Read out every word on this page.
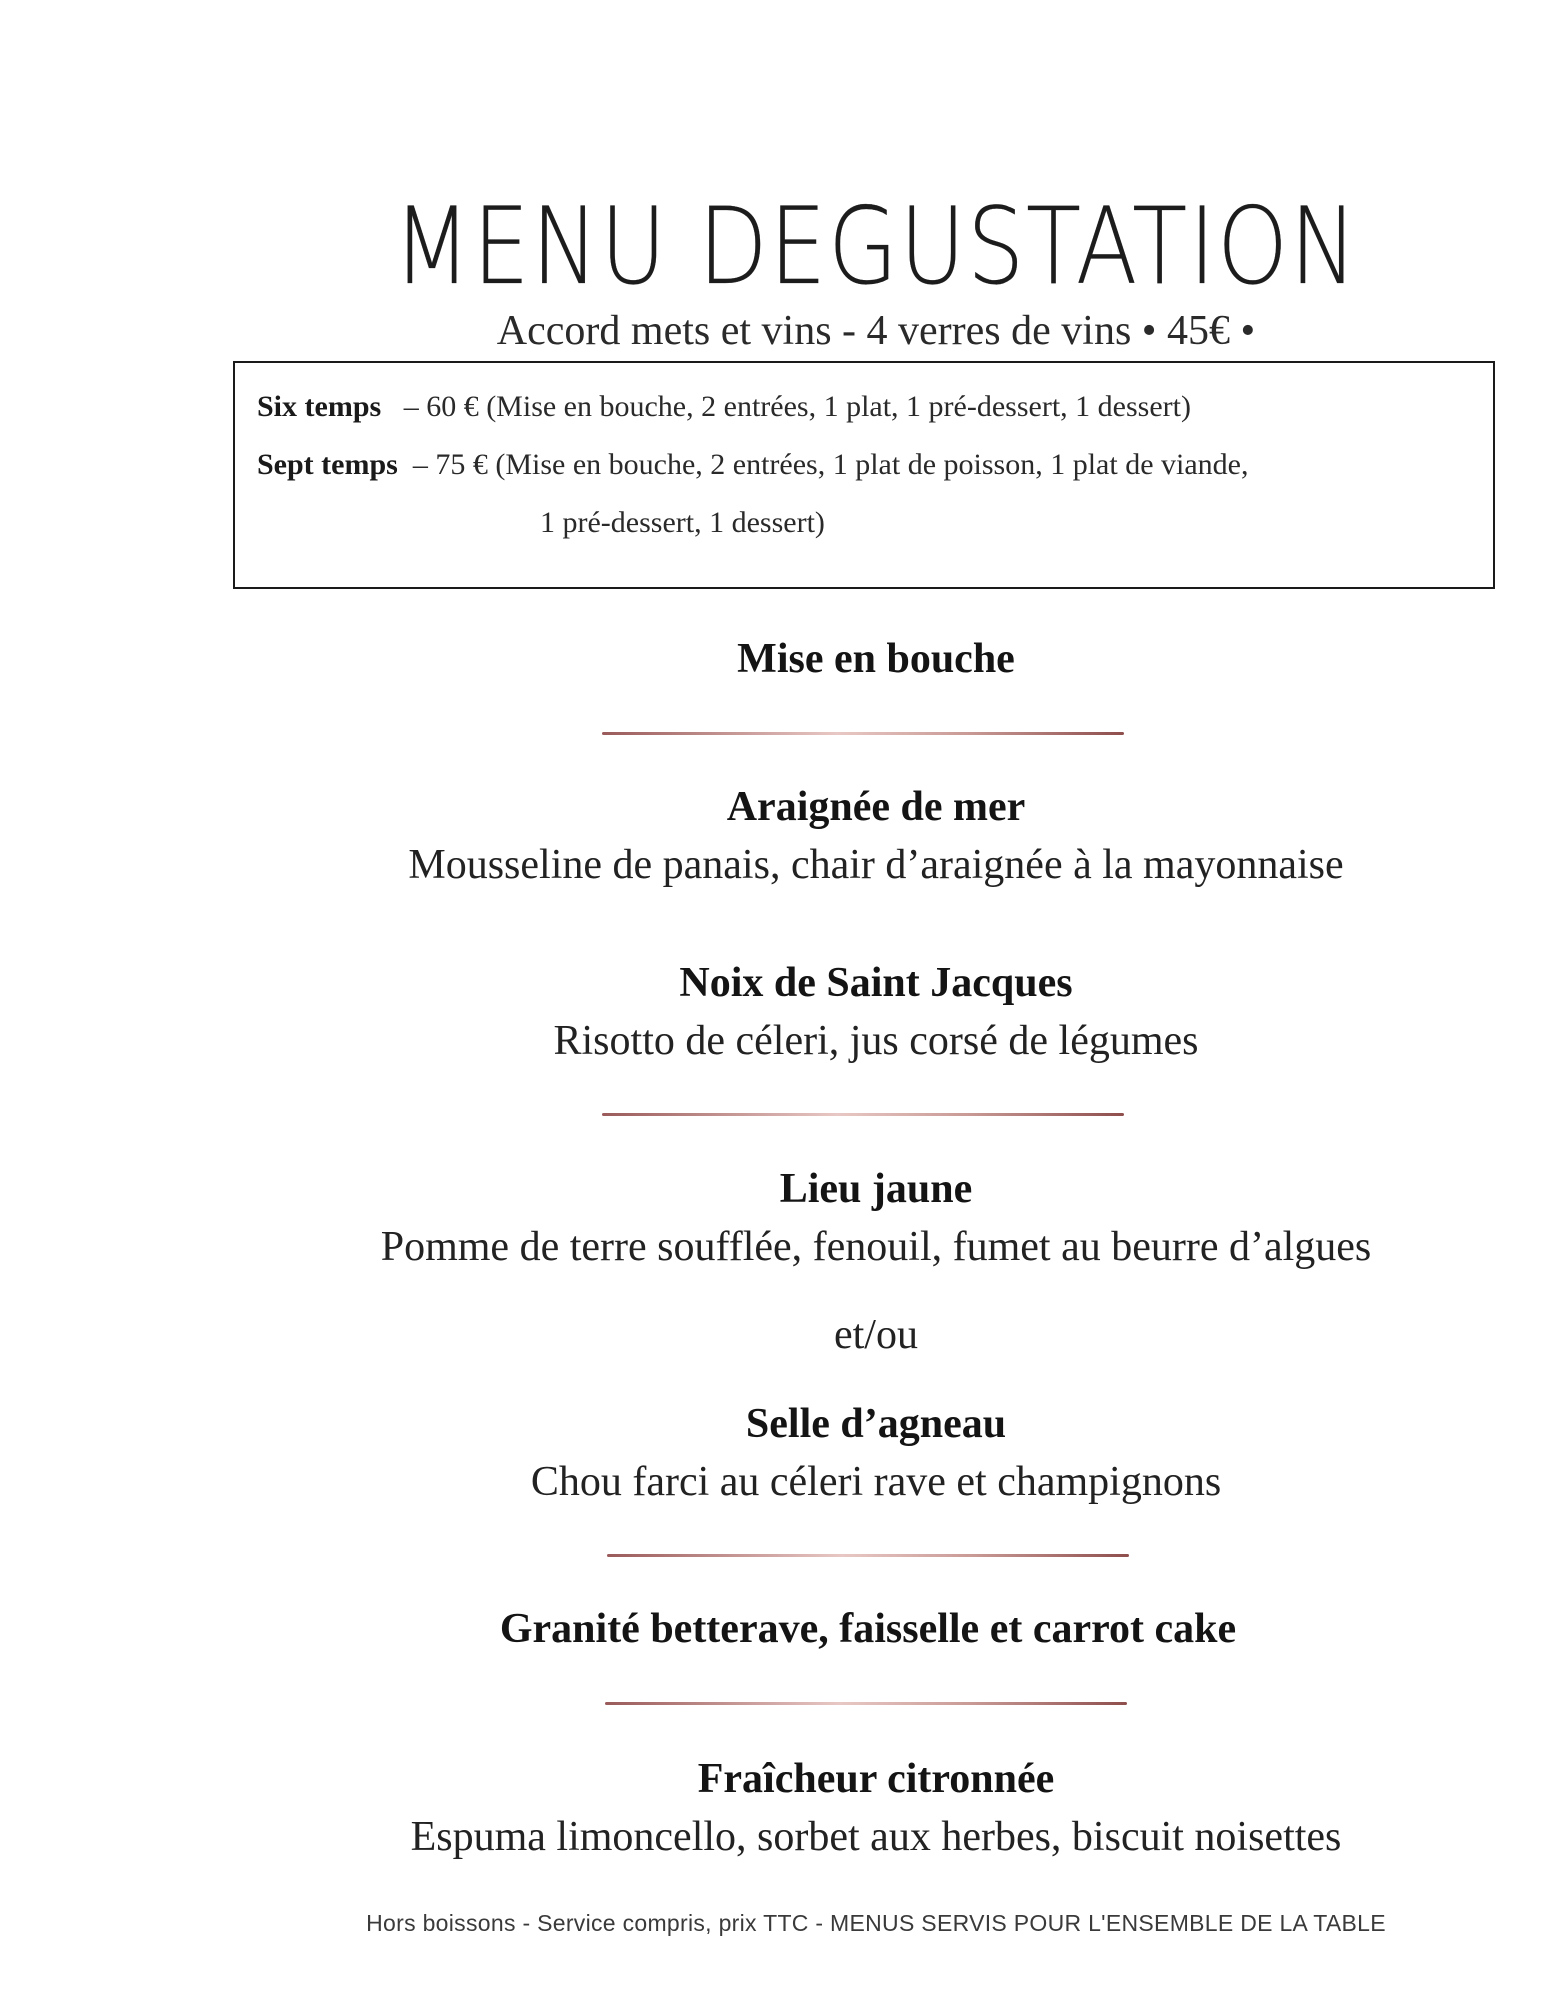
MENU DEGUSTATION
Accord mets et vins - 4 verres de vins • 45€ •
Six temps – 60 € (Mise en bouche, 2 entrées, 1 plat, 1 pré-dessert, 1 dessert)
Sept temps – 75 € (Mise en bouche, 2 entrées, 1 plat de poisson, 1 plat de viande,
1 pré-dessert, 1 dessert)
Mise en bouche
Araignée de mer
Mousseline de panais, chair d’araignée à la mayonnaise
Noix de Saint Jacques
Risotto de céleri, jus corsé de légumes
Lieu jaune
Pomme de terre soufflée, fenouil, fumet au beurre d’algues
et/ou
Selle d’agneau
Chou farci au céleri rave et champignons
Granité betterave, faisselle et carrot cake
Fraîcheur citronnée
Espuma limoncello, sorbet aux herbes, biscuit noisettes
Hors boissons - Service compris, prix TTC - MENUS SERVIS POUR L'ENSEMBLE DE LA TABLE
